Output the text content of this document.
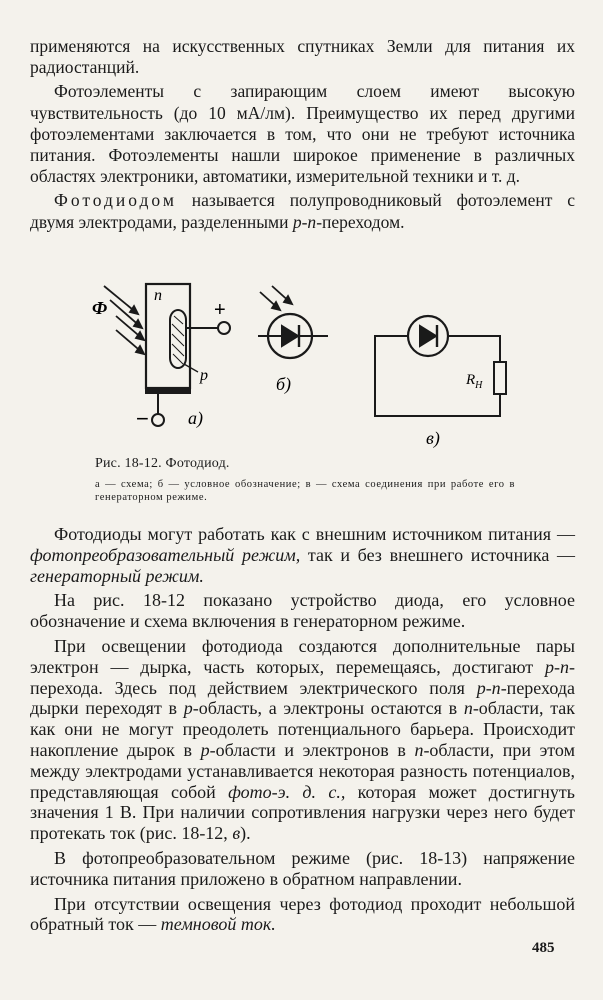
применяются на искусственных спутниках Земли для питания их радиостанций.

Фотоэлементы с запирающим слоем имеют высокую чувствительность (до 10 мА/лм). Преимущество их перед другими фотоэлементами заключается в том, что они не требуют источника питания. Фотоэлементы нашли широкое применение в различных областях электроники, автоматики, измерительной техники и т. д.

Фотодиодом называется полупроводниковый фотоэлемент с двумя электродами, разделенными р-п-переходом.

Ф
n
p
+
− а)
б)	$R_Н$
в)
Рис. 18-12. Фотодиод.
а — схема; б — условное обозначение; в — схема соединения при работе его в генераторном режиме.

Фотодиоды могут работать как с внешним источником питания — фотопреобразовательный режим, так и без внешнего источника — генераторный режим.

На рис. 18-12 показано устройство диода, его условное обозначение и схема включения в генераторном режиме.

При освещении фотодиода создаются дополнительные пары электрон — дырка, часть которых, перемещаясь, достигают р-п-перехода. Здесь под действием электрического поля р-п-перехода дырки переходят в р-область, а электроны остаются в п-области, так как они не могут преодолеть потенциального барьера. Происходит накопление дырок в р-области и электронов в п-области, при этом между электродами устанавливается некоторая разность потенциалов, представляющая собой фото-э. д. с., которая может достигнуть значения 1 В. При наличии сопротивления нагрузки через него будет протекать ток (рис. 18-12, в).

В фотопреобразовательном режиме (рис. 18-13) напряжение источника питания приложено в обратном направлении.

При отсутствии освещения через фотодиод проходит небольшой обратный ток — темновой ток.

485
